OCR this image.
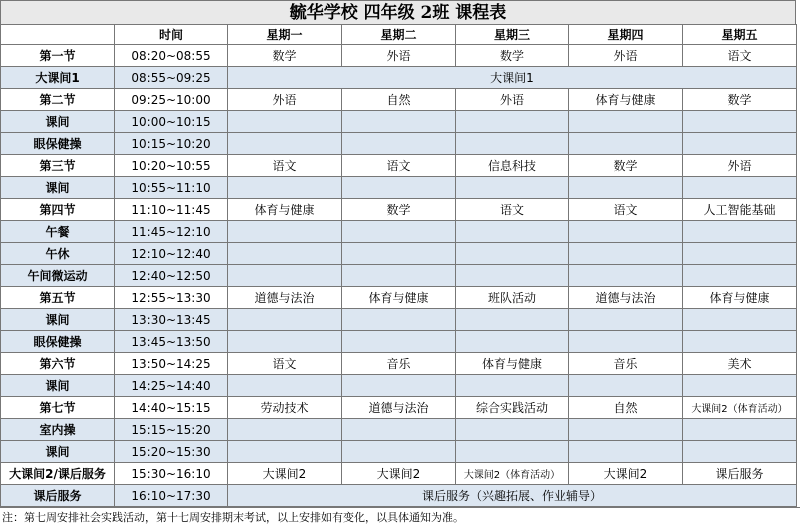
毓华学校 四年级 2班 课程表
	时间	星期一	星期二	星期三	星期四	星期五
第一节	08:20~08:55	数学	外语	数学	外语	语文
大课间1	08:55~09:25	大课间1				
第二节	09:25~10:00	外语	自然	外语	体育与健康	数学
课间	10:00~10:15					
眼保健操	10:15~10:20					
第三节	10:20~10:55	语文	语文	信息科技	数学	外语
课间	10:55~11:10					
第四节	11:10~11:45	体育与健康	数学	语文	语文	人工智能基础
午餐	11:45~12:10					
午休	12:10~12:40					
午间微运动	12:40~12:50					
第五节	12:55~13:30	道德与法治	体育与健康	班队活动	道德与法治	体育与健康
课间	13:30~13:45					
眼保健操	13:45~13:50					
第六节	13:50~14:25	语文	音乐	体育与健康	音乐	美术
课间	14:25~14:40					
第七节	14:40~15:15	劳动技术	道德与法治	综合实践活动	自然	大课间2（体育活动）
室内操	15:15~15:20					
课间	15:20~15:30					
大课间2/课后服务	15:30~16:10	大课间2	大课间2	大课间2（体育活动）	大课间2	课后服务
课后服务	16:10~17:30	课后服务（兴趣拓展、作业辅导）				
注：第七周安排社会实践活动，第十七周安排期末考试，以上安排如有变化，以具体通知为准。
